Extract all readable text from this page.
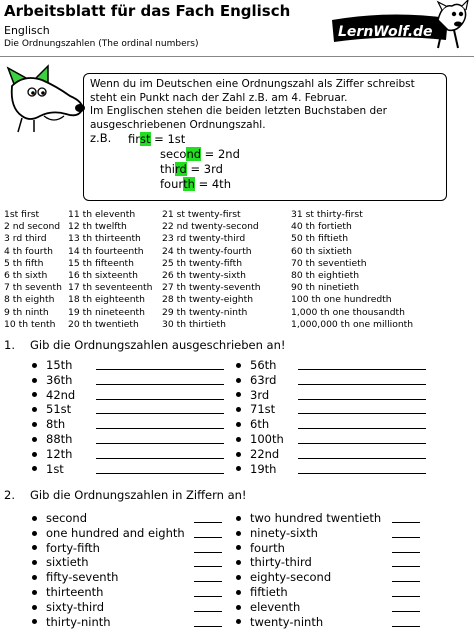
Arbeitsblatt für das Fach Englisch
Englisch
Die Ordnungszahlen (The ordinal numbers)
LernWolf.de

Wenn du im Deutschen eine Ordnungszahl als Ziffer schreibst

steht ein Punkt nach der Zahl z.B. am 4. Februar.

Im Englischen stehen die beiden letzten Buchstaben der

ausgeschriebenen Ordnungszahl.

z.B.	first = 1st
second = 2nd
third = 3rd
fourth = 4th
1st first
2 nd second
3 rd third
4 th fourth
5 th fifth
6 th sixth
7 th seventh
8 th eighth
9 th ninth
10 th tenth
11 th eleventh
12 th twelfth
13 th thirteenth
14 th fourteenth
15 th fifteenth
16 th sixteenth
17 th seventeenth
18 th eighteenth
19 th nineteenth
20 th twentieth
21 st twenty-first
22 nd twenty-second
23 rd twenty-third
24 th twenty-fourth
25 th twenty-fifth
26 th twenty-sixth
27 th twenty-seventh
28 th twenty-eighth
29 th twenty-ninth
30 th thirtieth
31 st thirty-first
40 th fortieth
50 th fiftieth
60 th sixtieth
70 th seventieth
80 th eightieth
90 th ninetieth
100 th one hundredth
1,000 th one thousandth
1,000,000 th one millionth
1. Gib die Ordnungszahlen ausgeschrieben an!
15th
36th
42nd
51st
8th
88th
12th
1st
56th
63rd
3rd
71st
6th
100th
22nd
19th
2. Gib die Ordnungszahlen in Ziffern an!
second
one hundred and eighth
forty-fifth
sixtieth
fifty-seventh
thirteenth
sixty-third
thirty-ninth
two hundred twentieth
ninety-sixth
fourth
thirty-third
eighty-second
fiftieth
eleventh
twenty-ninth
